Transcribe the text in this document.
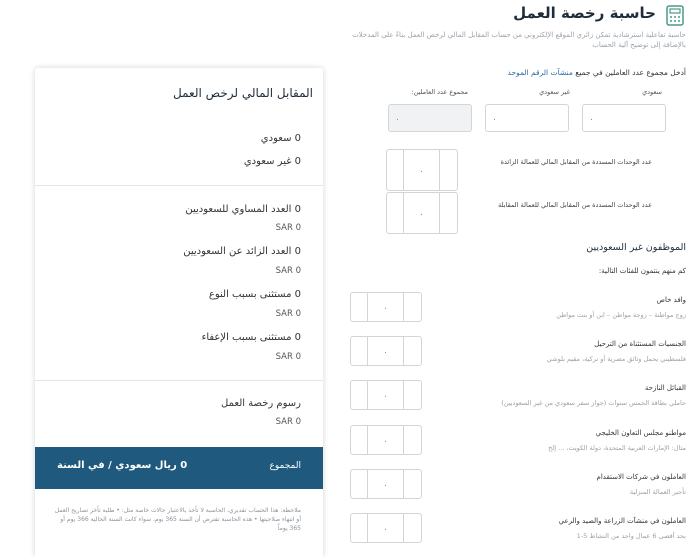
حاسبة رخصة العمل
حاسبة تفاعلية استرشادية تمكن زائري الموقع الإلكتروني من حساب المقابل المالي لرخص العمل بناءً على المدخلات بالإضافة إلى توضيح آلية الحساب
أدخل مجموع عدد العاملين في جميع منشآت الرقم الموحد
سعودي
غير سعودي
مجموع عدد العاملين:
.
.
.
عدد الوحدات المسددة من المقابل المالي للعمالة الزائدة
.
عدد الوحدات المسددة من المقابل المالي للعمالة المقابلة
.
الموظفون غير السعوديين
كم منهم ينتمون للفئات التالية:
وافد خاص
زوج مواطنة – زوجة مواطن – ابن أو بنت مواطن
.
الجنسيات المستثناة من الترحيل
فلسطيني يحمل وثائق مصرية أو تركية، مقيم بلوشي
.
القبائل النازحة
حاملي بطاقة الخمس سنوات (جواز سفر سعودي من غير السعوديين)
.
مواطنو مجلس التعاون الخليجي
مثال: الإمارات العربية المتحدة، دولة الكويت، ... إلخ
.
العاملون في شركات الاستقدام
تأجير العمالة المنزلية
.
العاملون في منشآت الزراعة والصيد والرعي
بحد أقصى 6 عمال واحد من النشاط 5-1
.
المقابل المالي لرخص العمل
0 سعودي
0 غير سعودي
0 العدد المساوي للسعوديين
0 SAR
0 العدد الزائد عن السعوديين
0 SAR
0 مستثنى بسبب النوع
0 SAR
0 مستثنى بسبب الإعفاء
0 SAR
رسوم رخصة العمل
0 SAR
المجموع
0 ريال سعودي / في السنة
ملاحظة: هذا الحساب تقديري، الحاسبة لا تأخذ بالاعتبار حالات خاصة مثل: • طلبة تأخر تصاريح العمل أو انتهاء صلاحيتها • هذه الحاسبة تفترض أن السنة 365 يوم، سواء كانت السنة الحالية 366 يوم أو 365 يوماً
